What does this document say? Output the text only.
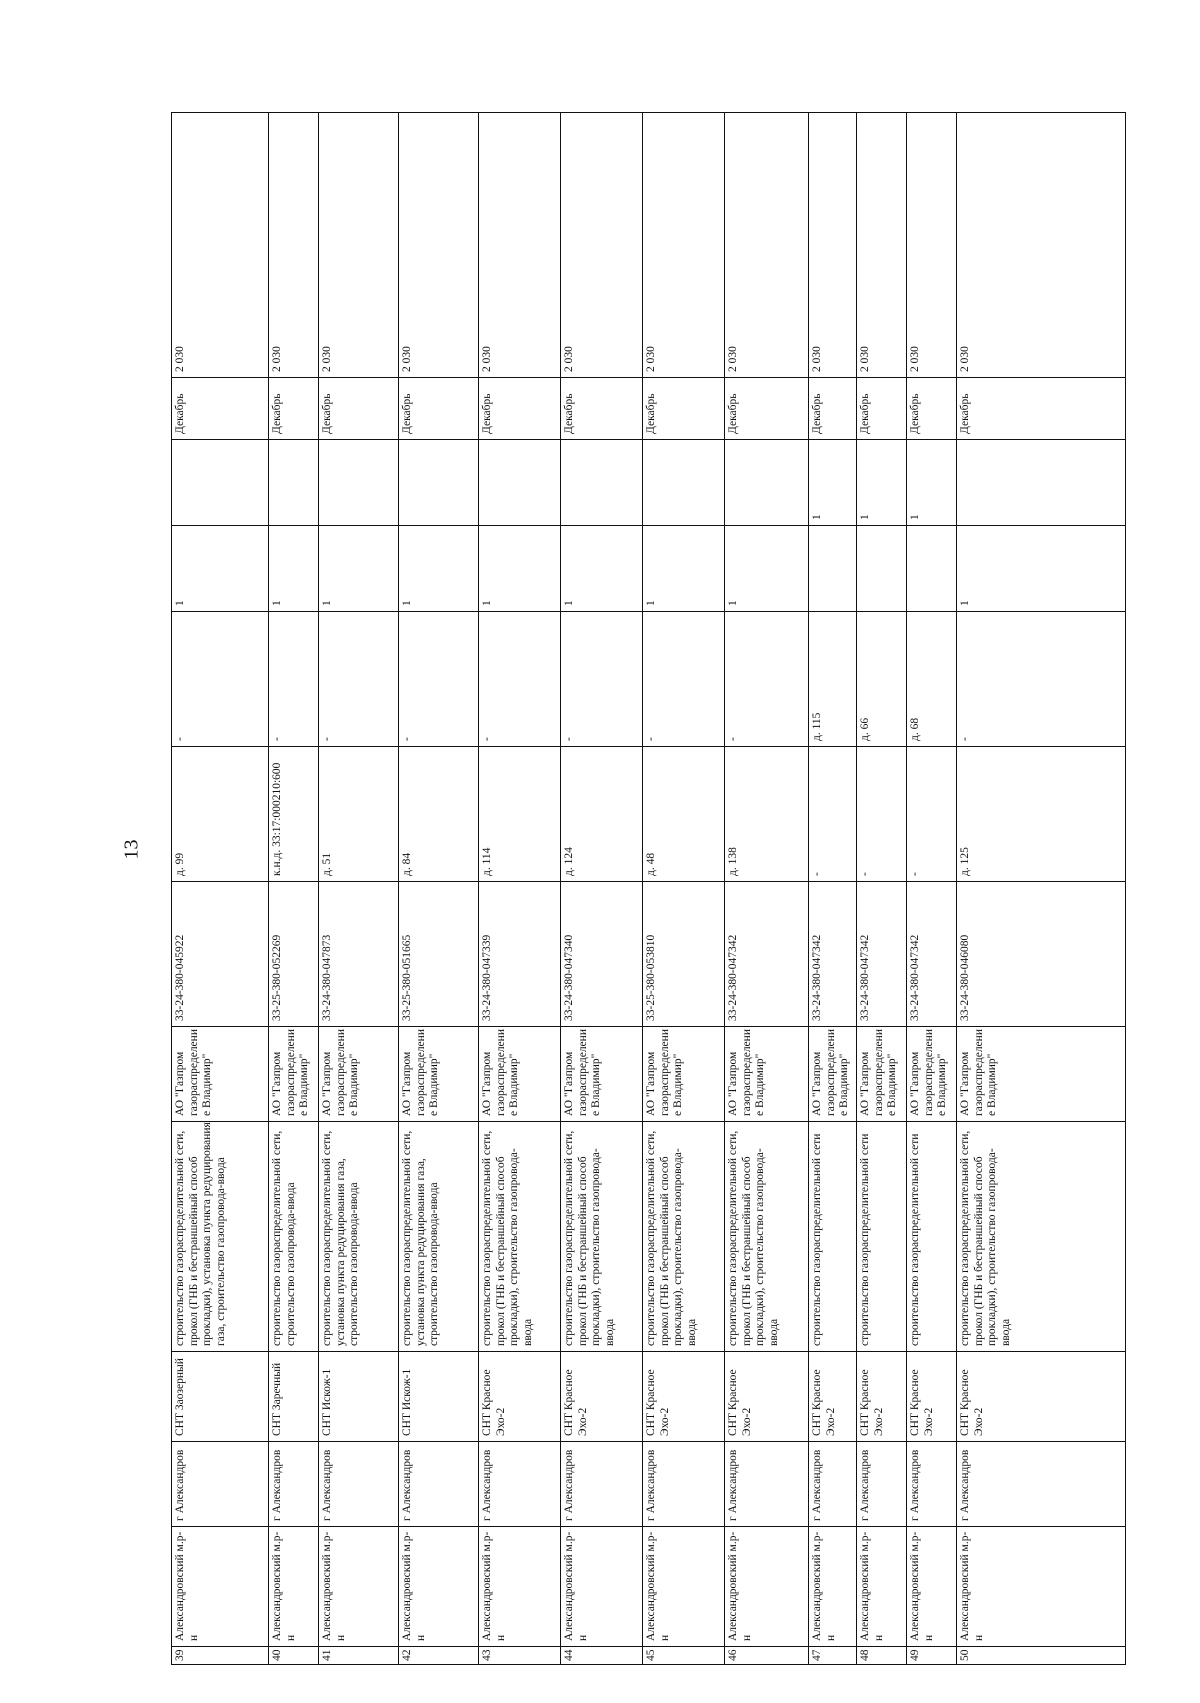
13
39
Александровский м.р-н
г Александров
СНТ Заозерный
строительство газораспределительной сети, прокол (ГНБ и бестраншейный способ прокладки), установка пункта редуцирования газа, строительство газопровода-ввода
АО "Газпром газораспределение Владимир"
33-24-380-045922
д. 99
-
1
Декабрь
2 030
40
Александровский м.р-н
г Александров
СНТ Заречный
строительство газораспределительной сети, строительство газопровода-ввода
АО "Газпром газораспределение Владимир"
33-25-380-052269
к.н.д. 33:17:000210:600
-
1
Декабрь
2 030
41
Александровский м.р-н
г Александров
СНТ Искож-1
строительство газораспределительной сети, установка пункта редуцирования газа, строительство газопровода-ввода
АО "Газпром газораспределение Владимир"
33-24-380-047873
д. 51
-
1
Декабрь
2 030
42
Александровский м.р-н
г Александров
СНТ Искож-1
строительство газораспределительной сети, установка пункта редуцирования газа, строительство газопровода-ввода
АО "Газпром газораспределение Владимир"
33-25-380-051665
д. 84
-
1
Декабрь
2 030
43
Александровский м.р-н
г Александров
СНТ Красное Эхо-2
строительство газораспределительной сети, прокол (ГНБ и бестраншейный способ прокладки), строительство газопровода-ввода
АО "Газпром газораспределение Владимир"
33-24-380-047339
д. 114
-
1
Декабрь
2 030
44
Александровский м.р-н
г Александров
СНТ Красное Эхо-2
строительство газораспределительной сети, прокол (ГНБ и бестраншейный способ прокладки), строительство газопровода-ввода
АО "Газпром газораспределение Владимир"
33-24-380-047340
д. 124
-
1
Декабрь
2 030
45
Александровский м.р-н
г Александров
СНТ Красное Эхо-2
строительство газораспределительной сети, прокол (ГНБ и бестраншейный способ прокладки), строительство газопровода-ввода
АО "Газпром газораспределение Владимир"
33-25-380-053810
д. 48
-
1
Декабрь
2 030
46
Александровский м.р-н
г Александров
СНТ Красное Эхо-2
строительство газораспределительной сети, прокол (ГНБ и бестраншейный способ прокладки), строительство газопровода-ввода
АО "Газпром газораспределение Владимир"
33-24-380-047342
д. 138
-
1
Декабрь
2 030
47
Александровский м.р-н
г Александров
СНТ Красное Эхо-2
строительство газораспределительной сети
АО "Газпром газораспределение Владимир"
33-24-380-047342
-
д. 115
1
Декабрь
2 030
48
Александровский м.р-н
г Александров
СНТ Красное Эхо-2
строительство газораспределительной сети
АО "Газпром газораспределение Владимир"
33-24-380-047342
-
д. 66
1
Декабрь
2 030
49
Александровский м.р-н
г Александров
СНТ Красное Эхо-2
строительство газораспределительной сети
АО "Газпром газораспределение Владимир"
33-24-380-047342
-
д. 68
1
Декабрь
2 030
50
Александровский м.р-н
г Александров
СНТ Красное Эхо-2
строительство газораспределительной сети, прокол (ГНБ и бестраншейный способ прокладки), строительство газопровода-ввода
АО "Газпром газораспределение Владимир"
33-24-380-046080
д. 125
-
1
Декабрь
2 030
